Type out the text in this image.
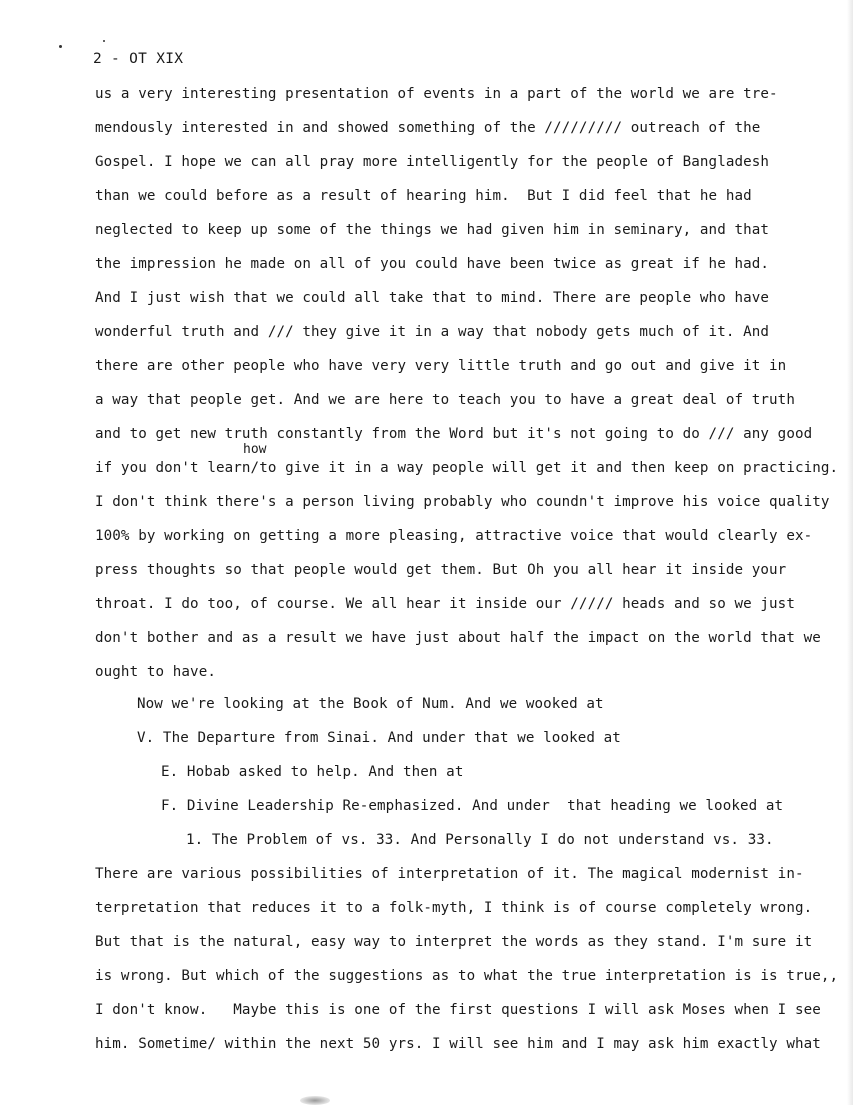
2 - OT XIX
us a very interesting presentation of events in a part of the world we are tre-
mendously interested in and showed something of the ///////// outreach of the
Gospel. I hope we can all pray more intelligently for the people of Bangladesh
than we could before as a result of hearing him.  But I did feel that he had
neglected to keep up some of the things we had given him in seminary, and that
the impression he made on all of you could have been twice as great if he had.
And I just wish that we could all take that to mind. There are people who have
wonderful truth and /// they give it in a way that nobody gets much of it. And
there are other people who have very very little truth and go out and give it in
a way that people get. And we are here to teach you to have a great deal of truth
and to get new truth constantly from the Word but it's not going to do /// any good
how
if you don't learn/to give it in a way people will get it and then keep on practicing.
I don't think there's a person living probably who coundn't improve his voice quality
100% by working on getting a more pleasing, attractive voice that would clearly ex-
press thoughts so that people would get them. But Oh you all hear it inside your
throat. I do too, of course. We all hear it inside our ///// heads and so we just
don't bother and as a result we have just about half the impact on the world that we
ought to have.
Now we're looking at the Book of Num. And we wooked at
V. The Departure from Sinai. And under that we looked at
E. Hobab asked to help. And then at
F. Divine Leadership Re-emphasized. And under  that heading we looked at
1. The Problem of vs. 33. And Personally I do not understand vs. 33.
There are various possibilities of interpretation of it. The magical modernist in-
terpretation that reduces it to a folk-myth, I think is of course completely wrong.
But that is the natural, easy way to interpret the words as they stand. I'm sure it
is wrong. But which of the suggestions as to what the true interpretation is is true,,
I don't know.   Maybe this is one of the first questions I will ask Moses when I see
him. Sometime/ within the next 50 yrs. I will see him and I may ask him exactly what
